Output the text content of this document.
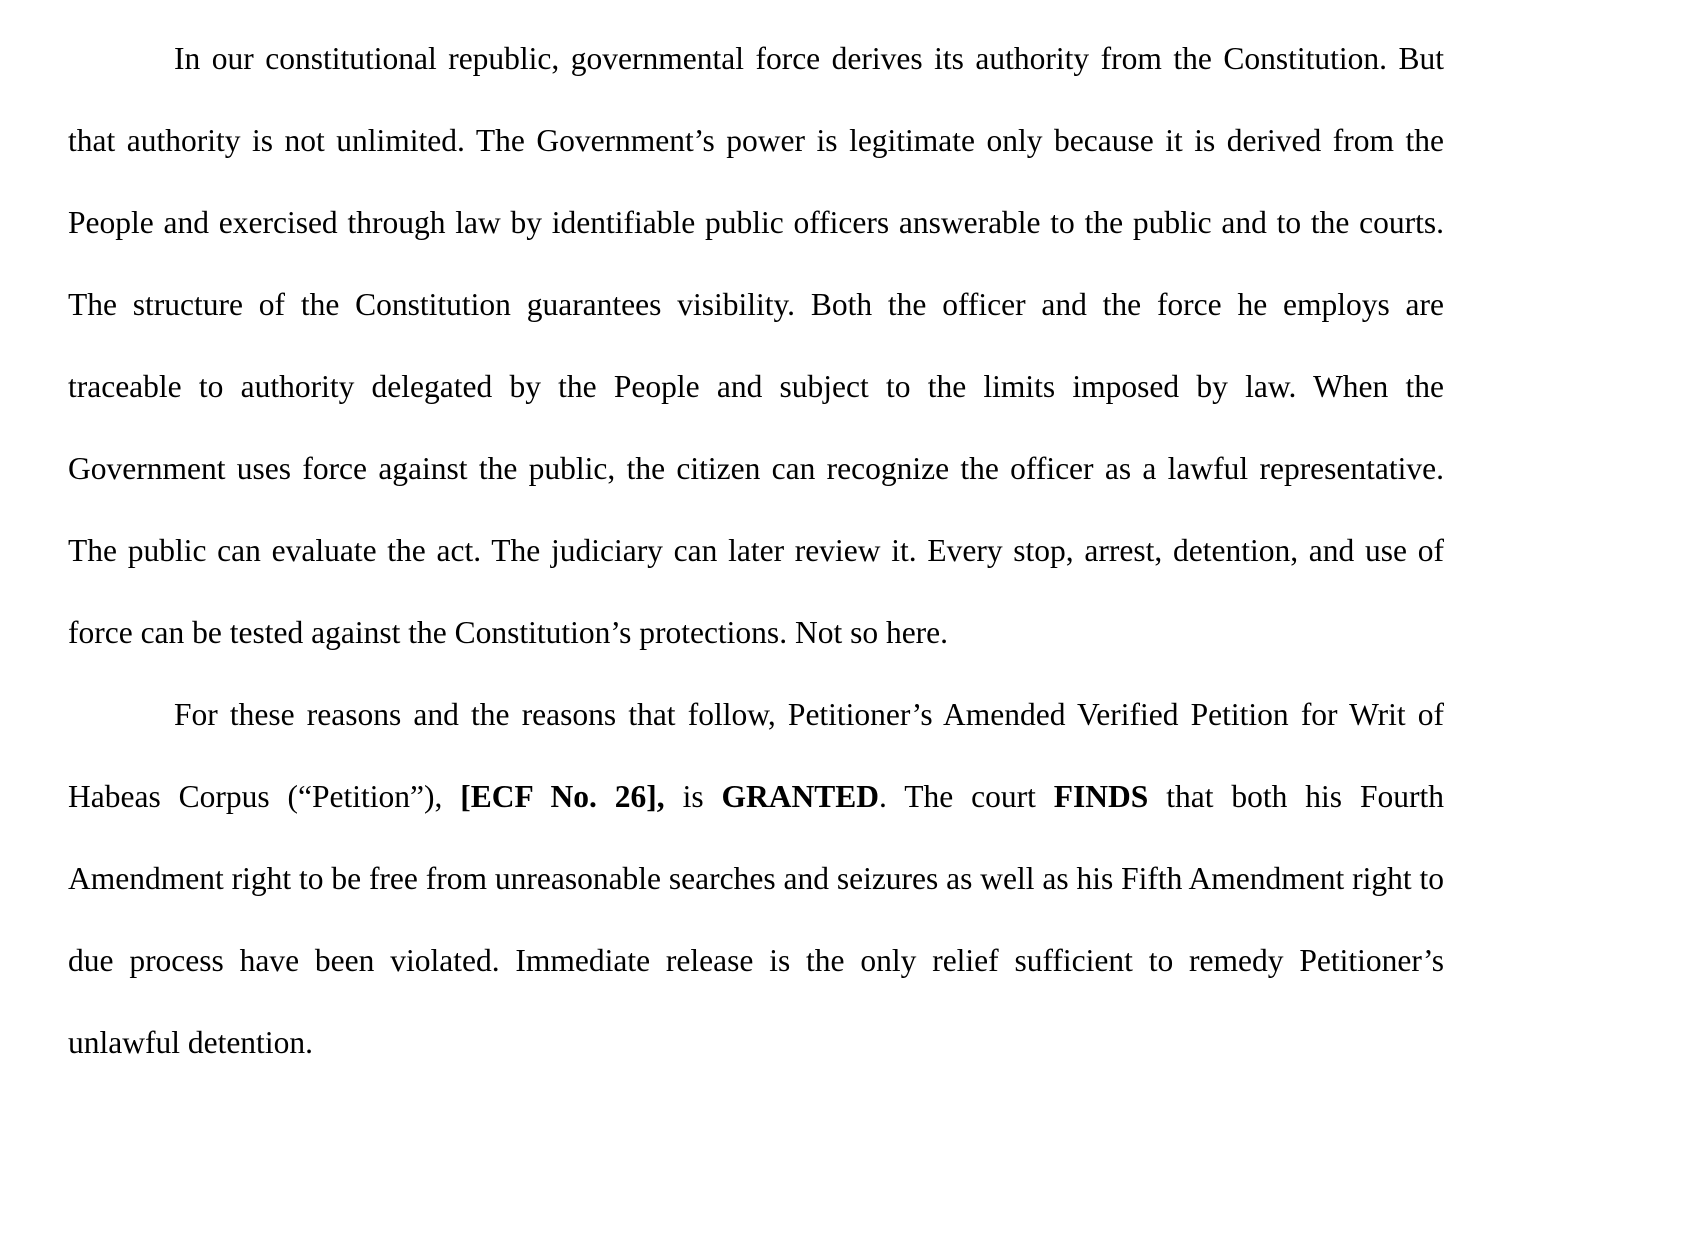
In our constitutional republic, governmental force derives its authority from the Constitution. But that authority is not unlimited. The Government’s power is legitimate only because it is derived from the People and exercised through law by identifiable public officers answerable to the public and to the courts. The structure of the Constitution guarantees visibility. Both the officer and the force he employs are traceable to authority delegated by the People and subject to the limits imposed by law. When the Government uses force against the public, the citizen can recognize the officer as a lawful representative. The public can evaluate the act. The judiciary can later review it. Every stop, arrest, detention, and use of force can be tested against the Constitution’s protections. Not so here.

For these reasons and the reasons that follow, Petitioner’s Amended Verified Petition for Writ of Habeas Corpus (“Petition”), [ECF No. 26], is GRANTED. The court FINDS that both his Fourth Amendment right to be free from unreasonable searches and seizures as well as his Fifth Amendment right to due process have been violated. Immediate release is the only relief sufficient to remedy Petitioner’s unlawful detention.
